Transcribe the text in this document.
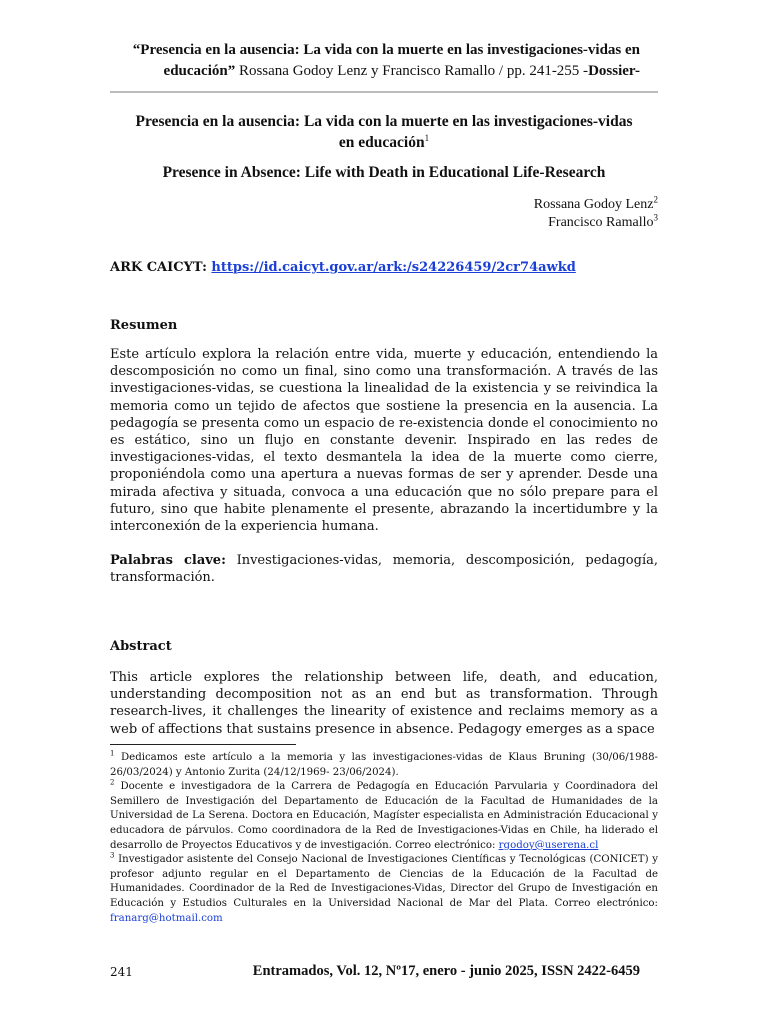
“Presencia en la ausencia: La vida con la muerte en las investigaciones-vidas en
educación” Rossana Godoy Lenz y Francisco Ramallo / pp. 241-255 -Dossier-
Presencia en la ausencia: La vida con la muerte en las investigaciones-vidas
en educación$^1$
Presence in Absence: Life with Death in Educational Life-Research
Rossana Godoy Lenz$^2$
Francisco Ramallo$^3$
ARK CAICYT: https://id.caicyt.gov.ar/ark:/s24226459/2cr74awkd
Resumen
Este artículo explora la relación entre vida, muerte y educación, entendiendo la descomposición no como un final, sino como una transformación. A través de las investigaciones-vidas, se cuestiona la linealidad de la existencia y se reivindica la memoria como un tejido de afectos que sostiene la presencia en la ausencia. La pedagogía se presenta como un espacio de re-existencia donde el conocimiento no es estático, sino un flujo en constante devenir. Inspirado en las redes de investigaciones-vidas, el texto desmantela la idea de la muerte como cierre, proponiéndola como una apertura a nuevas formas de ser y aprender. Desde una mirada afectiva y situada, convoca a una educación que no sólo prepare para el futuro, sino que habite plenamente el presente, abrazando la incertidumbre y la interconexión de la experiencia humana.
Palabras clave: Investigaciones-vidas, memoria, descomposición, pedagogía, transformación.
Abstract
This article explores the relationship between life, death, and education, understanding decomposition not as an end but as transformation. Through research-lives, it challenges the linearity of existence and reclaims memory as a web of affections that sustains presence in absence. Pedagogy emerges as a space

$^1$ Dedicamos este artículo a la memoria y las investigaciones-vidas de Klaus Bruning (30/06/1988-26/03/2024) y Antonio Zurita (24/12/1969- 23/06/2024).

$^2$ Docente e investigadora de la Carrera de Pedagogía en Educación Parvularia y Coordinadora del Semillero de Investigación del Departamento de Educación de la Facultad de Humanidades de la Universidad de La Serena. Doctora en Educación, Magíster especialista en Administración Educacional y educadora de párvulos. Como coordinadora de la Red de Investigaciones-Vidas en Chile, ha liderado el desarrollo de Proyectos Educativos y de investigación. Correo electrónico: rgodoy@userena.cl

$^3$ Investigador asistente del Consejo Nacional de Investigaciones Científicas y Tecnológicas (CONICET) y profesor adjunto regular en el Departamento de Ciencias de la Educación de la Facultad de Humanidades. Coordinador de la Red de Investigaciones-Vidas, Director del Grupo de Investigación en Educación y Estudios Culturales en la Universidad Nacional de Mar del Plata. Correo electrónico: franarg@hotmail.com

241	Entramados, Vol. 12, Nº17, enero - junio 2025, ISSN 2422-6459
